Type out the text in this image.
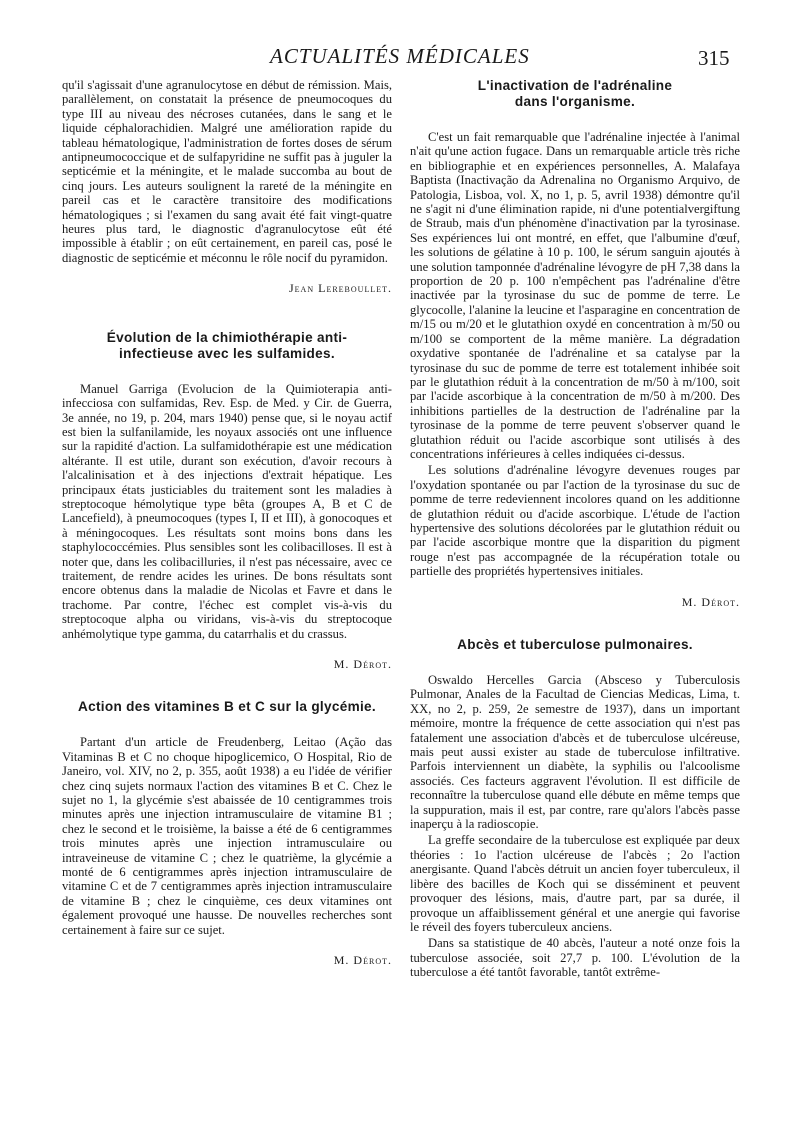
ACTUALITÉS MÉDICALES	315

qu'il s'agissait d'une agranulocytose en début de rémission. Mais, parallèlement, on constatait la présence de pneumocoques du type III au niveau des nécroses cutanées, dans le sang et le liquide céphalorachidien. Malgré une amélioration rapide du tableau hématologique, l'administration de fortes doses de sérum antipneumococcique et de sulfapyridine ne suffit pas à juguler la septicémie et la méningite, et le malade succomba au bout de cinq jours. Les auteurs soulignent la rareté de la méningite en pareil cas et le caractère transitoire des modifications hématologiques ; si l'examen du sang avait été fait vingt-quatre heures plus tard, le diagnostic d'agranulocytose eût été impossible à établir ; on eût certainement, en pareil cas, posé le diagnostic de septicémie et méconnu le rôle nocif du pyramidon.

Jean Lereboullet.

Évolution de la chimiothérapie anti-
infectieuse avec les sulfamides.

Manuel Garriga (Evolucion de la Quimioterapia anti-infecciosa con sulfamidas, Rev. Esp. de Med. y Cir. de Guerra, 3e année, no 19, p. 204, mars 1940) pense que, si le noyau actif est bien la sulfanilamide, les noyaux associés ont une influence sur la rapidité d'action. La sulfamidothérapie est une médication altérante. Il est utile, durant son exécution, d'avoir recours à l'alcalinisation et à des injections d'extrait hépatique. Les principaux états justiciables du traitement sont les maladies à streptocoque hémolytique type bêta (groupes A, B et C de Lancefield), à pneumocoques (types I, II et III), à gonocoques et à méningocoques. Les résultats sont moins bons dans les staphylococcémies. Plus sensibles sont les colibacilloses. Il est à noter que, dans les colibacilluries, il n'est pas nécessaire, avec ce traitement, de rendre acides les urines. De bons résultats sont encore obtenus dans la maladie de Nicolas et Favre et dans le trachome. Par contre, l'échec est complet vis-à-vis du streptocoque alpha ou viridans, vis-à-vis du streptocoque anhémolytique type gamma, du catarrhalis et du crassus.

M. Dérot.

Action des vitamines B et C sur la glycémie.

Partant d'un article de Freudenberg, Leitao (Ação das Vitaminas B et C no choque hipoglicemico, O Hospital, Rio de Janeiro, vol. XIV, no 2, p. 355, août 1938) a eu l'idée de vérifier chez cinq sujets normaux l'action des vitamines B et C. Chez le sujet no 1, la glycémie s'est abaissée de 10 centigrammes trois minutes après une injection intramusculaire de vitamine B1 ; chez le second et le troisième, la baisse a été de 6 centigrammes trois minutes après une injection intramusculaire ou intraveineuse de vitamine C ; chez le quatrième, la glycémie a monté de 6 centigrammes après injection intramusculaire de vitamine C et de 7 centigrammes après injection intramusculaire de vitamine B ; chez le cinquième, ces deux vitamines ont également provoqué une hausse. De nouvelles recherches sont certainement à faire sur ce sujet.

M. Dérot.

L'inactivation de l'adrénaline
dans l'organisme.

C'est un fait remarquable que l'adrénaline injectée à l'animal n'ait qu'une action fugace. Dans un remarquable article très riche en bibliographie et en expériences personnelles, A. Malafaya Baptista (Inactivação da Adrenalina no Organismo Arquivo, de Patologia, Lisboa, vol. X, no 1, p. 5, avril 1938) démontre qu'il ne s'agit ni d'une élimination rapide, ni d'une potentialvergiftung de Straub, mais d'un phénomène d'inactivation par la tyrosinase. Ses expériences lui ont montré, en effet, que l'albumine d'œuf, les solutions de gélatine à 10 p. 100, le sérum sanguin ajoutés à une solution tamponnée d'adrénaline lévogyre de pH 7,38 dans la proportion de 20 p. 100 n'empêchent pas l'adrénaline d'être inactivée par la tyrosinase du suc de pomme de terre. Le glycocolle, l'alanine la leucine et l'asparagine en concentration de m/15 ou m/20 et le glutathion oxydé en concentration à m/50 ou m/100 se comportent de la même manière. La dégradation oxydative spontanée de l'adrénaline et sa catalyse par la tyrosinase du suc de pomme de terre est totalement inhibée soit par le glutathion réduit à la concentration de m/50 à m/100, soit par l'acide ascorbique à la concentration de m/50 à m/200. Des inhibitions partielles de la destruction de l'adrénaline par la tyrosinase de la pomme de terre peuvent s'observer quand le glutathion réduit ou l'acide ascorbique sont utilisés à des concentrations inférieures à celles indiquées ci-dessus.

Les solutions d'adrénaline lévogyre devenues rouges par l'oxydation spontanée ou par l'action de la tyrosinase du suc de pomme de terre redeviennent incolores quand on les additionne de glutathion réduit ou d'acide ascorbique. L'étude de l'action hypertensive des solutions décolorées par le glutathion réduit ou par l'acide ascorbique montre que la disparition du pigment rouge n'est pas accompagnée de la récupération totale ou partielle des propriétés hypertensives initiales.

M. Dérot.

Abcès et tuberculose pulmonaires.

Oswaldo Hercelles Garcia (Absceso y Tuberculosis Pulmonar, Anales de la Facultad de Ciencias Medicas, Lima, t. XX, no 2, p. 259, 2e semestre de 1937), dans un important mémoire, montre la fréquence de cette association qui n'est pas fatalement une association d'abcès et de tuberculose ulcéreuse, mais peut aussi exister au stade de tuberculose infiltrative. Parfois interviennent un diabète, la syphilis ou l'alcoolisme associés. Ces facteurs aggravent l'évolution. Il est difficile de reconnaître la tuberculose quand elle débute en même temps que la suppuration, mais il est, par contre, rare qu'alors l'abcès passe inaperçu à la radioscopie.

La greffe secondaire de la tuberculose est expliquée par deux théories : 1o l'action ulcéreuse de l'abcès ; 2o l'action anergisante. Quand l'abcès détruit un ancien foyer tuberculeux, il libère des bacilles de Koch qui se disséminent et peuvent provoquer des lésions, mais, d'autre part, par sa durée, il provoque un affaiblissement général et une anergie qui favorise le réveil des foyers tuberculeux anciens.

Dans sa statistique de 40 abcès, l'auteur a noté onze fois la tuberculose associée, soit 27,7 p. 100. L'évolution de la tuberculose a été tantôt favorable, tantôt extrême-
